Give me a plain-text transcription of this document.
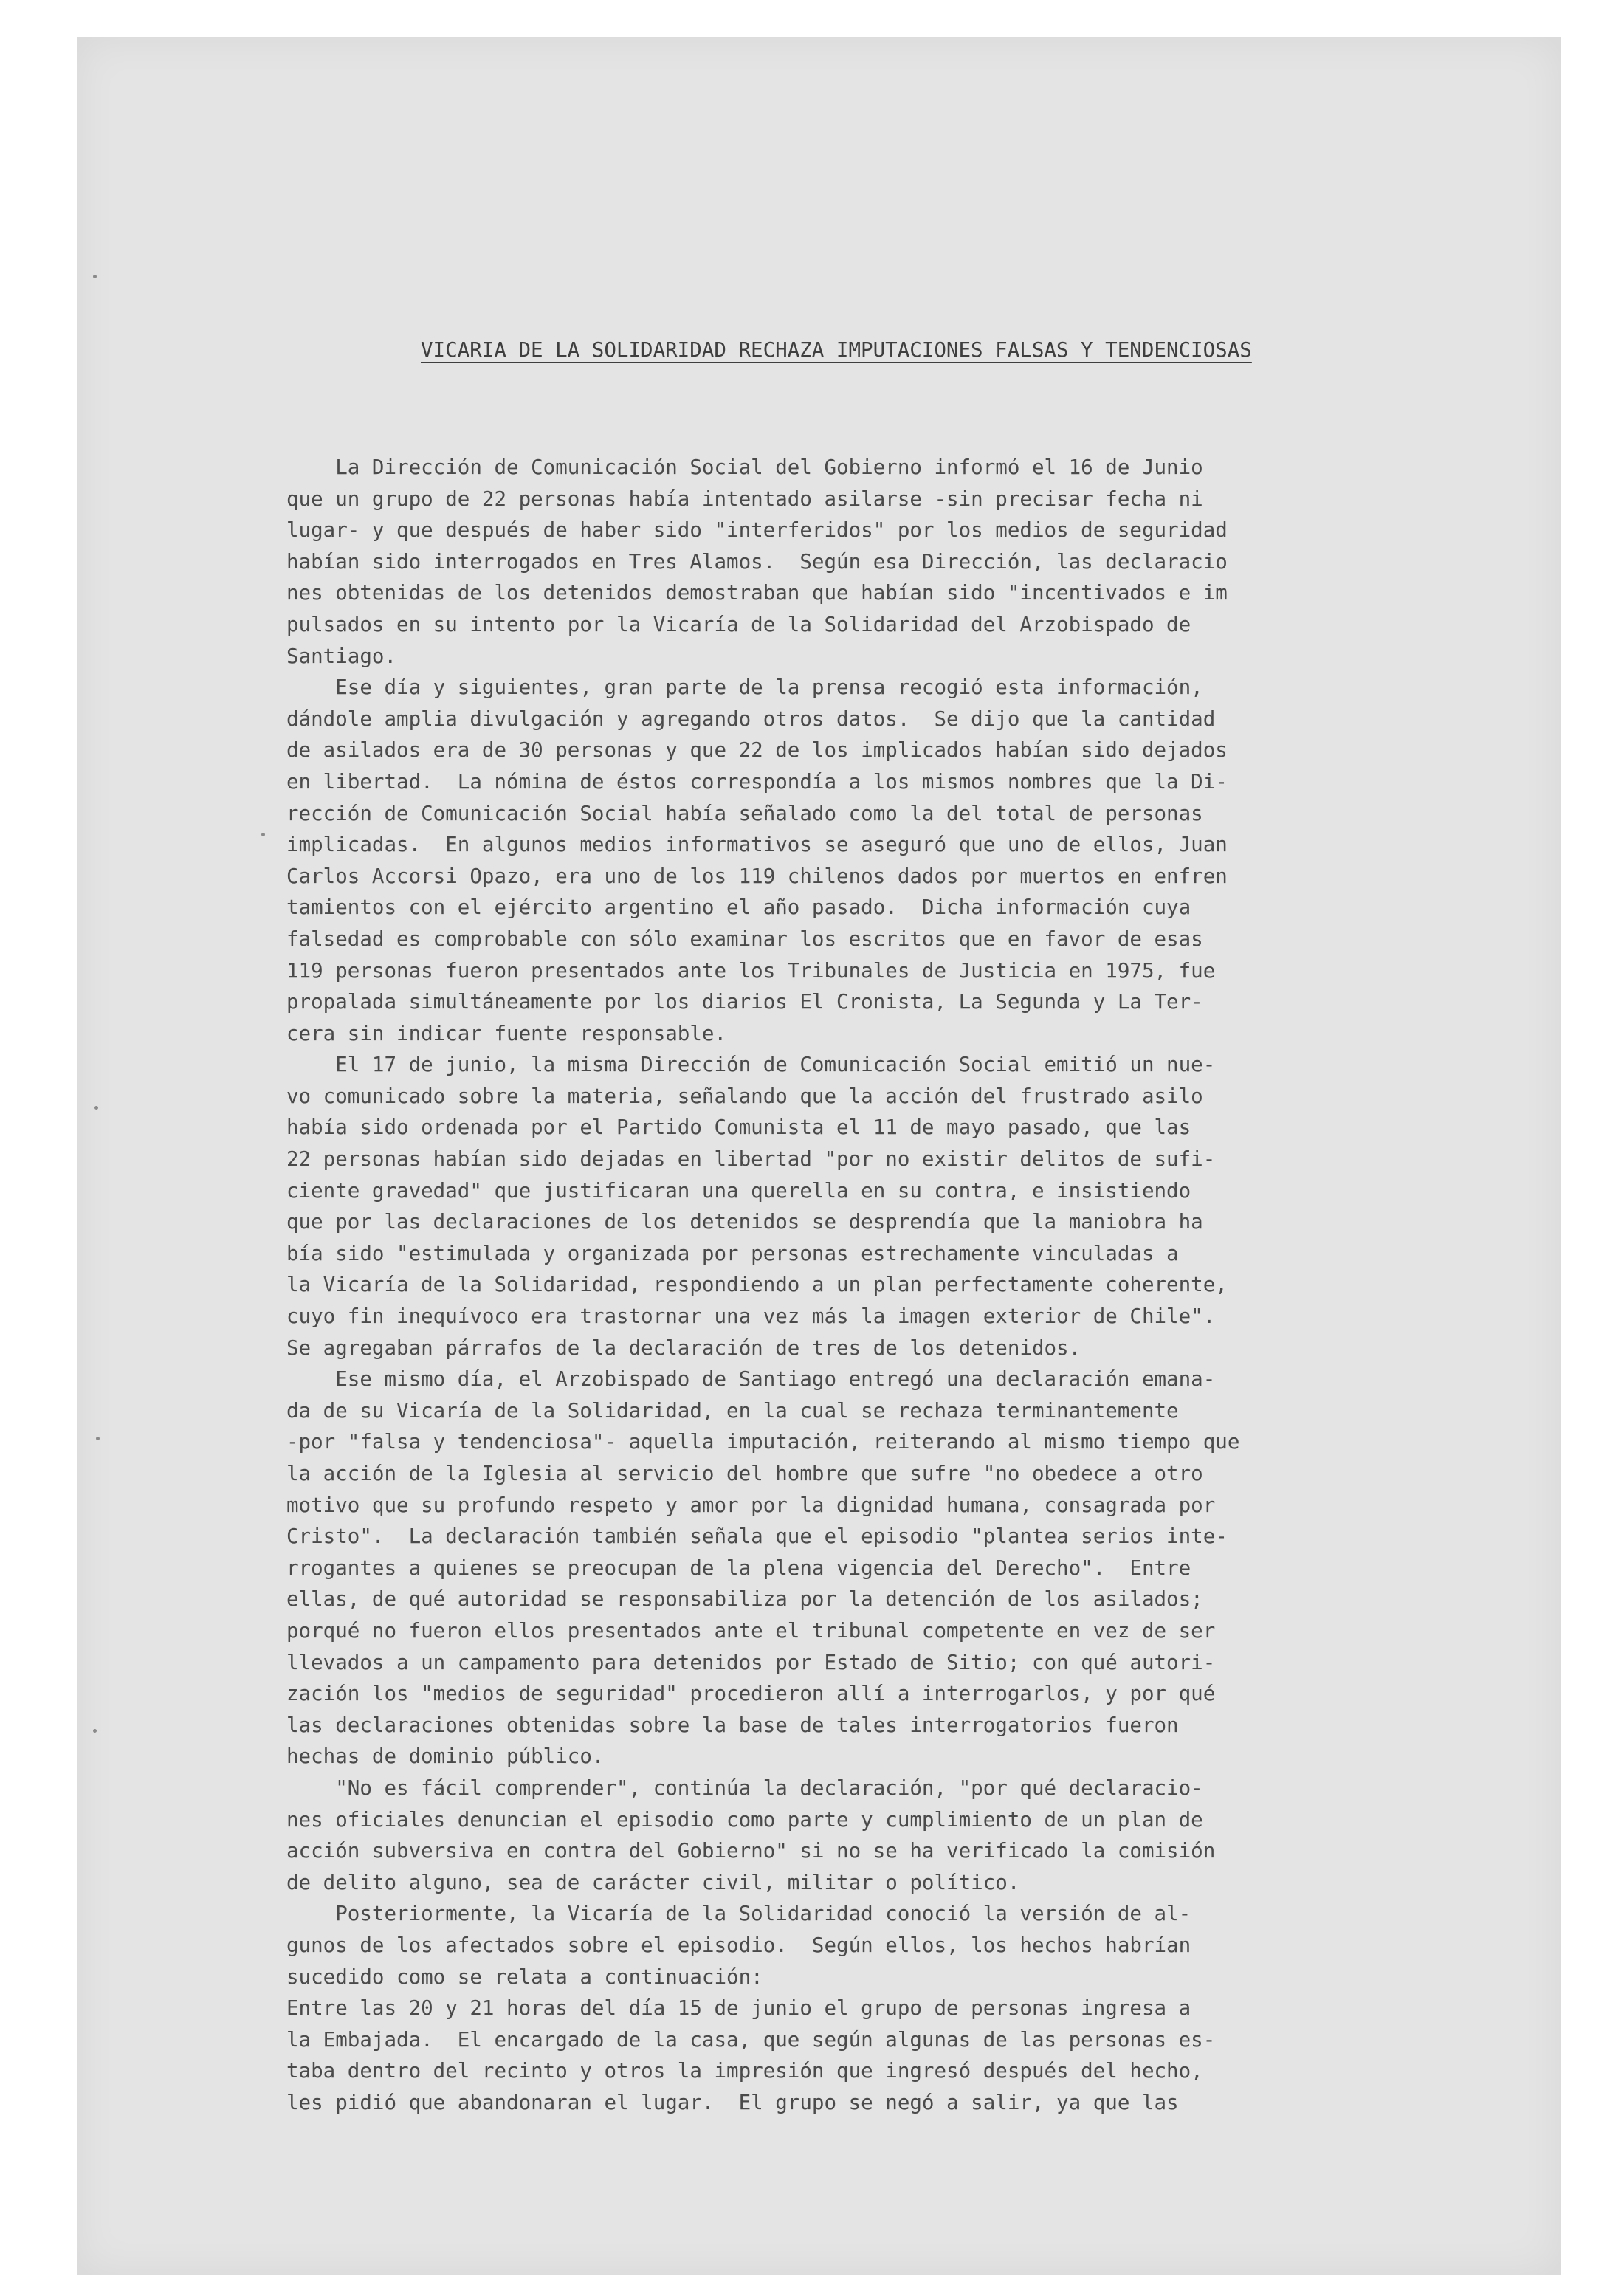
VICARIA DE LA SOLIDARIDAD RECHAZA IMPUTACIONES FALSAS Y TENDENCIOSAS
La Dirección de Comunicación Social del Gobierno informó el 16 de Junio
que un grupo de 22 personas había intentado asilarse -sin precisar fecha ni
lugar- y que después de haber sido "interferidos" por los medios de seguridad
habían sido interrogados en Tres Alamos.  Según esa Dirección, las declaracio
nes obtenidas de los detenidos demostraban que habían sido "incentivados e im
pulsados en su intento por la Vicaría de la Solidaridad del Arzobispado de
Santiago.
Ese día y siguientes, gran parte de la prensa recogió esta información,
dándole amplia divulgación y agregando otros datos.  Se dijo que la cantidad
de asilados era de 30 personas y que 22 de los implicados habían sido dejados
en libertad.  La nómina de éstos correspondía a los mismos nombres que la Di-
rección de Comunicación Social había señalado como la del total de personas
implicadas.  En algunos medios informativos se aseguró que uno de ellos, Juan
Carlos Accorsi Opazo, era uno de los 119 chilenos dados por muertos en enfren
tamientos con el ejército argentino el año pasado.  Dicha información cuya
falsedad es comprobable con sólo examinar los escritos que en favor de esas
119 personas fueron presentados ante los Tribunales de Justicia en 1975, fue
propalada simultáneamente por los diarios El Cronista, La Segunda y La Ter-
cera sin indicar fuente responsable.
El 17 de junio, la misma Dirección de Comunicación Social emitió un nue-
vo comunicado sobre la materia, señalando que la acción del frustrado asilo
había sido ordenada por el Partido Comunista el 11 de mayo pasado, que las
22 personas habían sido dejadas en libertad "por no existir delitos de sufi-
ciente gravedad" que justificaran una querella en su contra, e insistiendo
que por las declaraciones de los detenidos se desprendía que la maniobra ha
bía sido "estimulada y organizada por personas estrechamente vinculadas a
la Vicaría de la Solidaridad, respondiendo a un plan perfectamente coherente,
cuyo fin inequívoco era trastornar una vez más la imagen exterior de Chile".
Se agregaban párrafos de la declaración de tres de los detenidos.
Ese mismo día, el Arzobispado de Santiago entregó una declaración emana-
da de su Vicaría de la Solidaridad, en la cual se rechaza terminantemente
-por "falsa y tendenciosa"- aquella imputación, reiterando al mismo tiempo que
la acción de la Iglesia al servicio del hombre que sufre "no obedece a otro
motivo que su profundo respeto y amor por la dignidad humana, consagrada por
Cristo".  La declaración también señala que el episodio "plantea serios inte-
rrogantes a quienes se preocupan de la plena vigencia del Derecho".  Entre
ellas, de qué autoridad se responsabiliza por la detención de los asilados;
porqué no fueron ellos presentados ante el tribunal competente en vez de ser
llevados a un campamento para detenidos por Estado de Sitio; con qué autori-
zación los "medios de seguridad" procedieron allí a interrogarlos, y por qué
las declaraciones obtenidas sobre la base de tales interrogatorios fueron
hechas de dominio público.
"No es fácil comprender", continúa la declaración, "por qué declaracio-
nes oficiales denuncian el episodio como parte y cumplimiento de un plan de
acción subversiva en contra del Gobierno" si no se ha verificado la comisión
de delito alguno, sea de carácter civil, militar o político.
Posteriormente, la Vicaría de la Solidaridad conoció la versión de al-
gunos de los afectados sobre el episodio.  Según ellos, los hechos habrían
sucedido como se relata a continuación:
Entre las 20 y 21 horas del día 15 de junio el grupo de personas ingresa a
la Embajada.  El encargado de la casa, que según algunas de las personas es-
taba dentro del recinto y otros la impresión que ingresó después del hecho,
les pidió que abandonaran el lugar.  El grupo se negó a salir, ya que las
